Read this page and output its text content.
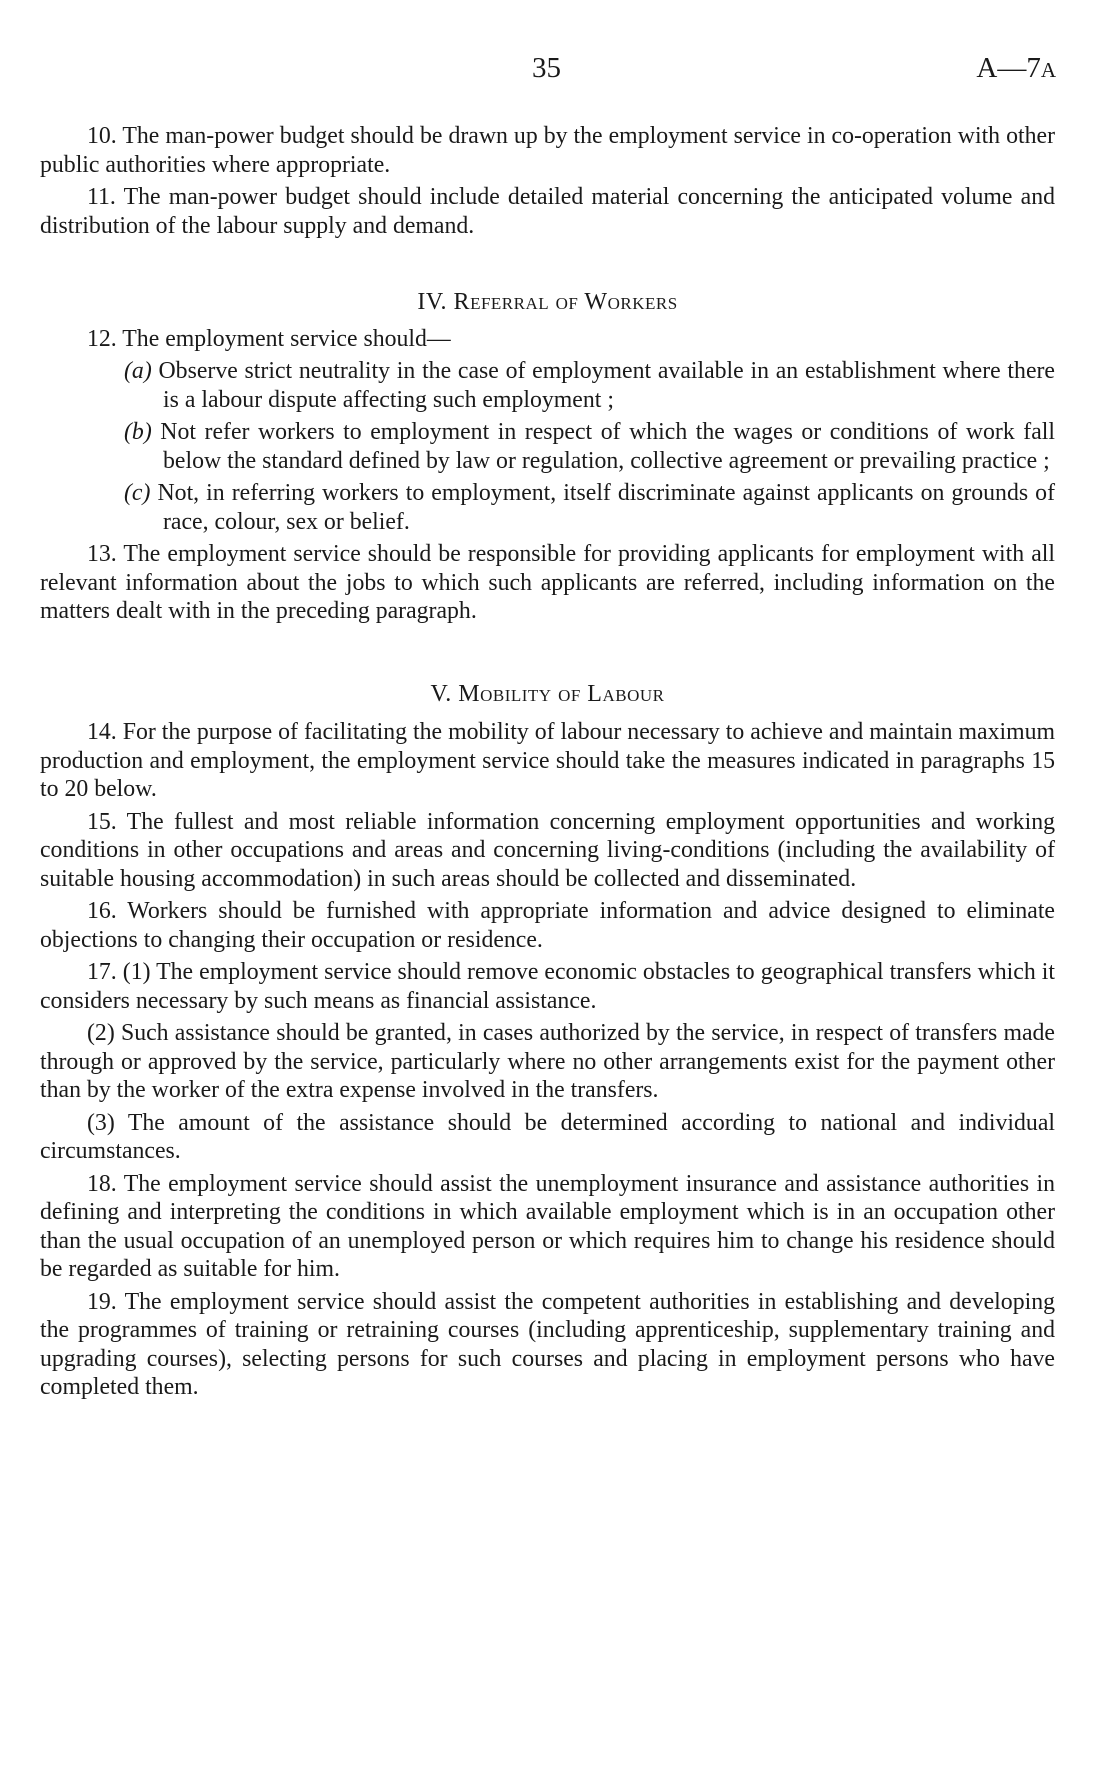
35	A—7A

10. The man-power budget should be drawn up by the employment service in co-operation with other public authorities where appropriate.

11. The man-power budget should include detailed material concerning the anticipated volume and distribution of the labour supply and demand.

IV. Referral of Workers

12. The employment service should—

(a) Observe strict neutrality in the case of employment available in an establishment where there is a labour dispute affecting such employment ;
(b) Not refer workers to employment in respect of which the wages or conditions of work fall below the standard defined by law or regulation, collective agreement or prevailing practice ;
(c) Not, in referring workers to employment, itself discriminate against applicants on grounds of race, colour, sex or belief.

13. The employment service should be responsible for providing applicants for employment with all relevant information about the jobs to which such applicants are referred, including information on the matters dealt with in the preceding paragraph.

V. Mobility of Labour

14. For the purpose of facilitating the mobility of labour necessary to achieve and maintain maximum production and employment, the employment service should take the measures indicated in paragraphs 15 to 20 below.

15. The fullest and most reliable information concerning employment opportunities and working conditions in other occupations and areas and concerning living-conditions (including the availability of suitable housing accommodation) in such areas should be collected and disseminated.

16. Workers should be furnished with appropriate information and advice designed to eliminate objections to changing their occupation or residence.

17. (1) The employment service should remove economic obstacles to geographical transfers which it considers necessary by such means as financial assistance.

(2) Such assistance should be granted, in cases authorized by the service, in respect of transfers made through or approved by the service, particularly where no other arrangements exist for the payment other than by the worker of the extra expense involved in the transfers.

(3) The amount of the assistance should be determined according to national and individual circumstances.

18. The employment service should assist the unemployment insurance and assistance authorities in defining and interpreting the conditions in which available employment which is in an occupation other than the usual occupation of an unemployed person or which requires him to change his residence should be regarded as suitable for him.

19. The employment service should assist the competent authorities in establishing and developing the programmes of training or retraining courses (including apprenticeship, supplementary training and upgrading courses), selecting persons for such courses and placing in employment persons who have completed them.
